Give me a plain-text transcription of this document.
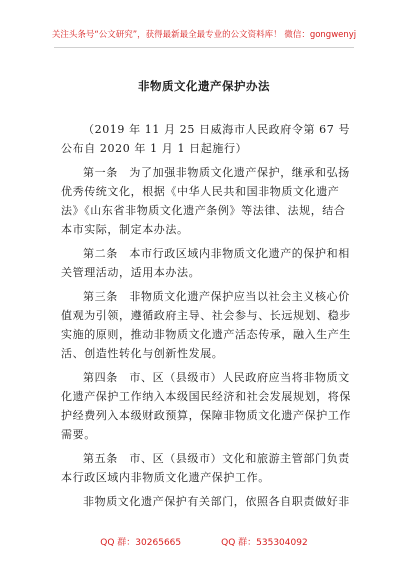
关注头条号“公文研究”，获得最新最全最专业的公文资料库！ 微信：gongwenyj
非物质文化遗产保护办法

（2019 年 11 月 25 日威海市人民政府令第 67 号公布自 2020 年 1 月 1 日起施行）

第一条　为了加强非物质文化遗产保护，继承和弘扬优秀传统文化，根据《中华人民共和国非物质文化遗产法》《山东省非物质文化遗产条例》等法律、法规，结合本市实际，制定本办法。

第二条　本市行政区域内非物质文化遗产的保护和相关管理活动，适用本办法。

第三条　非物质文化遗产保护应当以社会主义核心价值观为引领，遵循政府主导、社会参与、长远规划、稳步实施的原则，推动非物质文化遗产活态传承，融入生产生活、创造性转化与创新性发展。

第四条　市、区（县级市）人民政府应当将非物质文化遗产保护工作纳入本级国民经济和社会发展规划，将保护经费列入本级财政预算，保障非物质文化遗产保护工作需要。

第五条　市、区（县级市）文化和旅游主管部门负责本行政区域内非物质文化遗产保护工作。

非物质文化遗产保护有关部门，依照各自职责做好非

QQ 群：30265665	QQ 群：535304092
